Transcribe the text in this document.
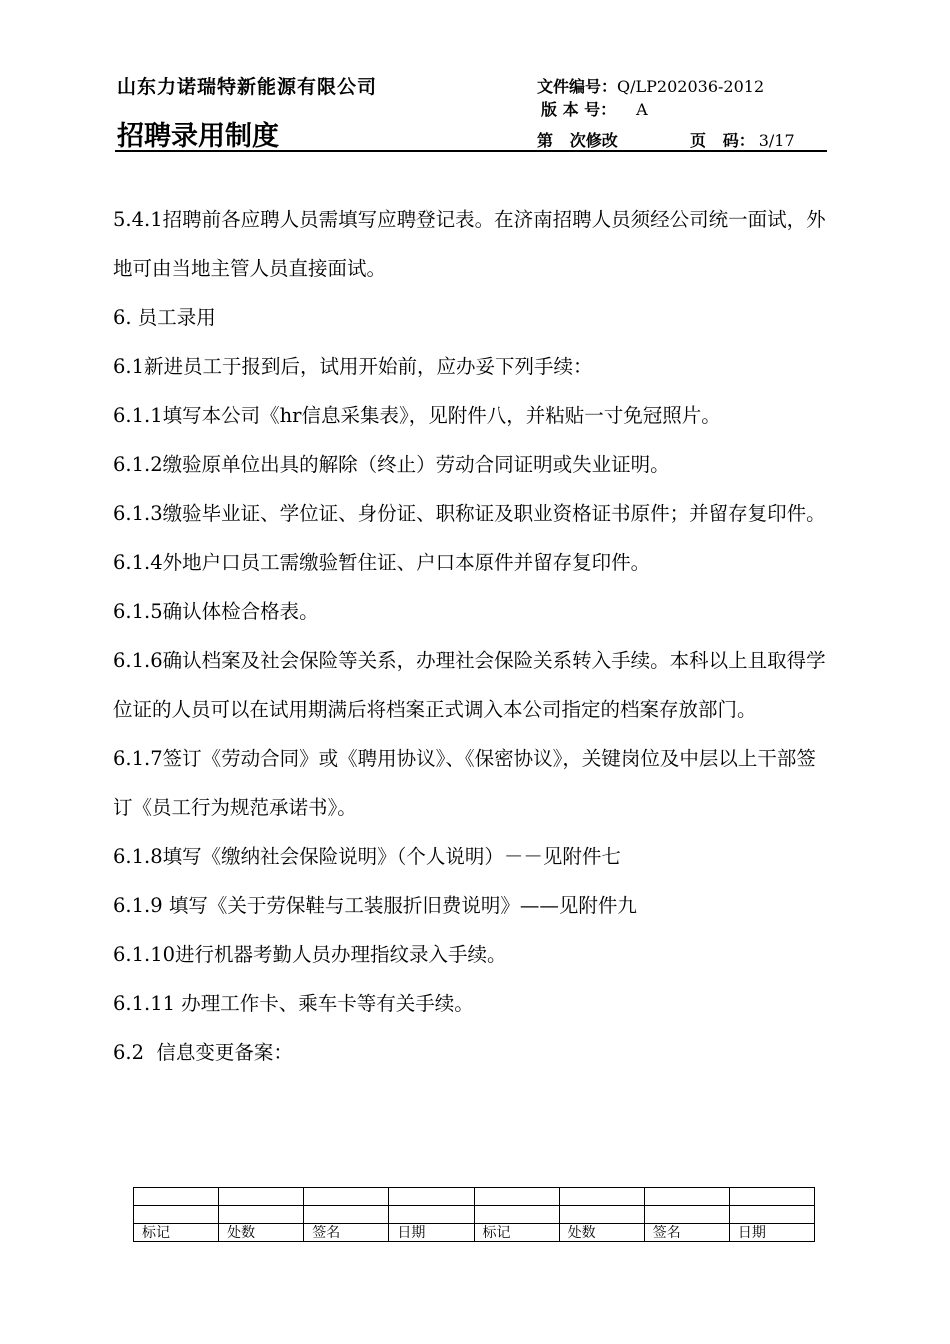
山东力诺瑞特新能源有限公司
招聘录用制度
文件编号：Q/LP202036-2012
版 本 号： A
第   次修改	页   码： 3/17

5.4.1招聘前各应聘人员需填写应聘登记表。在济南招聘人员须经公司统一面试，外地可由当地主管人员直接面试。

6. 员工录用

6.1新进员工于报到后，试用开始前，应办妥下列手续：

6.1.1填写本公司《hr信息采集表》，见附件八，并粘贴一寸免冠照片。

6.1.2缴验原单位出具的解除（终止）劳动合同证明或失业证明。

6.1.3缴验毕业证、学位证、身份证、职称证及职业资格证书原件；并留存复印件。

6.1.4外地户口员工需缴验暂住证、户口本原件并留存复印件。

6.1.5确认体检合格表。

6.1.6确认档案及社会保险等关系，办理社会保险关系转入手续。本科以上且取得学位证的人员可以在试用期满后将档案正式调入本公司指定的档案存放部门。

6.1.7签订《劳动合同》或《聘用协议》、《保密协议》，关键岗位及中层以上干部签订《员工行为规范承诺书》。

6.1.8填写《缴纳社会保险说明》（个人说明）－－见附件七

6.1.9 填写《关于劳保鞋与工装服折旧费说明》——见附件九

6.1.10进行机器考勤人员办理指纹录入手续。

6.1.11 办理工作卡、乘车卡等有关手续。

6.2  信息变更备案：

标记	处数	签名	日期	标记	处数	签名	日期
